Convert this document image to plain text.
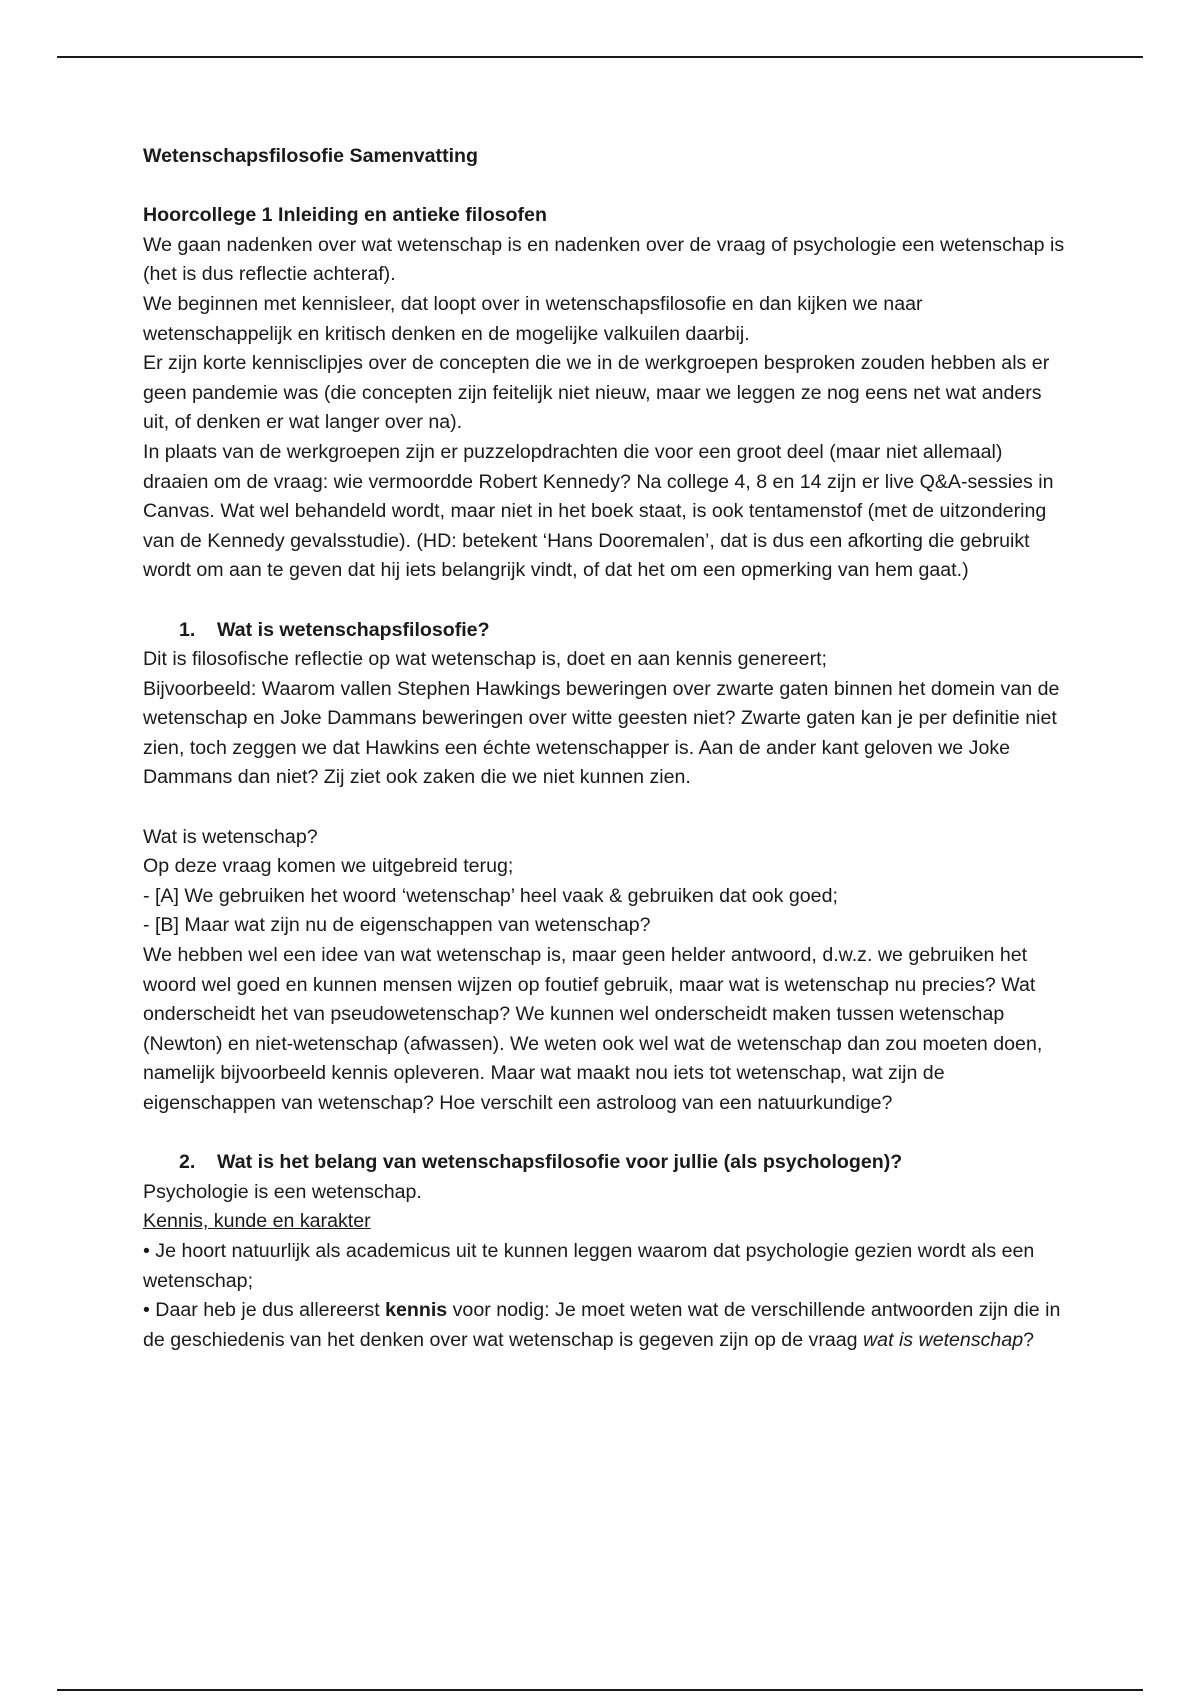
Wetenschapsfilosofie Samenvatting

Hoorcollege 1 Inleiding en antieke filosofen

We gaan nadenken over wat wetenschap is en nadenken over de vraag of psychologie een wetenschap is (het is dus reflectie achteraf).

We beginnen met kennisleer, dat loopt over in wetenschapsfilosofie en dan kijken we naar wetenschappelijk en kritisch denken en de mogelijke valkuilen daarbij.

Er zijn korte kennisclipjes over de concepten die we in de werkgroepen besproken zouden hebben als er geen pandemie was (die concepten zijn feitelijk niet nieuw, maar we leggen ze nog eens net wat anders uit, of denken er wat langer over na).

In plaats van de werkgroepen zijn er puzzelopdrachten die voor een groot deel (maar niet allemaal) draaien om de vraag: wie vermoordde Robert Kennedy? Na college 4, 8 en 14 zijn er live Q&A-sessies in Canvas. Wat wel behandeld wordt, maar niet in het boek staat, is ook tentamenstof (met de uitzondering van de Kennedy gevalsstudie). (HD: betekent ‘Hans Dooremalen’, dat is dus een afkorting die gebruikt wordt om aan te geven dat hij iets belangrijk vindt, of dat het om een opmerking van hem gaat.)

1.	Wat is wetenschapsfilosofie?

Dit is filosofische reflectie op wat wetenschap is, doet en aan kennis genereert;

Bijvoorbeeld: Waarom vallen Stephen Hawkings beweringen over zwarte gaten binnen het domein van de wetenschap en Joke Dammans beweringen over witte geesten niet? Zwarte gaten kan je per definitie niet zien, toch zeggen we dat Hawkins een échte wetenschapper is. Aan de ander kant geloven we Joke Dammans dan niet? Zij ziet ook zaken die we niet kunnen zien.

Wat is wetenschap?

Op deze vraag komen we uitgebreid terug;

- [A] We gebruiken het woord ‘wetenschap’ heel vaak & gebruiken dat ook goed;

- [B] Maar wat zijn nu de eigenschappen van wetenschap?

We hebben wel een idee van wat wetenschap is, maar geen helder antwoord, d.w.z. we gebruiken het woord wel goed en kunnen mensen wijzen op foutief gebruik, maar wat is wetenschap nu precies? Wat onderscheidt het van pseudowetenschap? We kunnen wel onderscheidt maken tussen wetenschap (Newton) en niet-wetenschap (afwassen). We weten ook wel wat de wetenschap dan zou moeten doen, namelijk bijvoorbeeld kennis opleveren. Maar wat maakt nou iets tot wetenschap, wat zijn de eigenschappen van wetenschap? Hoe verschilt een astroloog van een natuurkundige?

2.	Wat is het belang van wetenschapsfilosofie voor jullie (als psychologen)?

Psychologie is een wetenschap.

Kennis, kunde en karakter

• Je hoort natuurlijk als academicus uit te kunnen leggen waarom dat psychologie gezien wordt als een wetenschap;

• Daar heb je dus allereerst kennis voor nodig: Je moet weten wat de verschillende antwoorden zijn die in de geschiedenis van het denken over wat wetenschap is gegeven zijn op de vraag wat is wetenschap?
